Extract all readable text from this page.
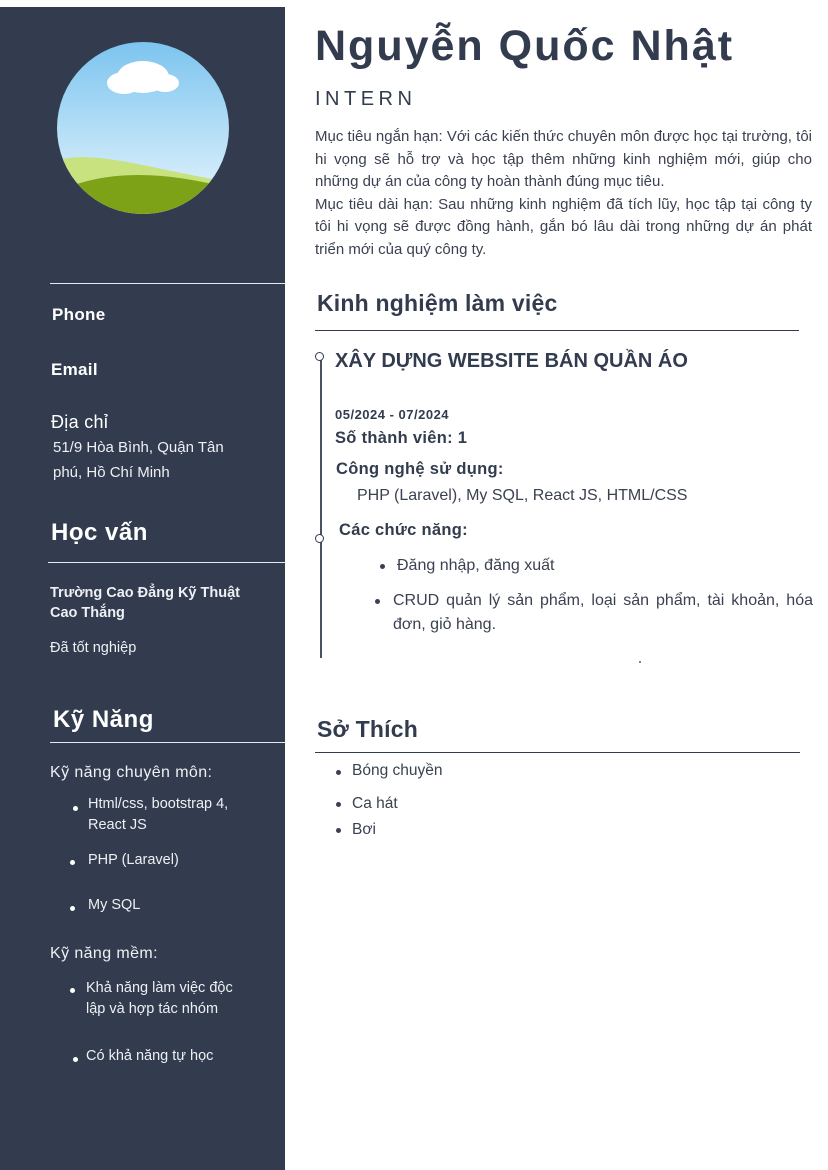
Phone
Email
Địa chỉ
51/9 Hòa Bình, Quận Tân
phú, Hồ Chí Minh
Học vấn
Trường Cao Đẳng Kỹ Thuật
Cao Thắng
Đã tốt nghiệp
Kỹ Năng
Kỹ năng chuyên môn:
Html/css, bootstrap 4,
React JS
PHP (Laravel)
My SQL
Kỹ năng mềm:
Khả năng làm việc độc
lập và hợp tác nhóm
Có khả năng tự học
Nguyễn Quốc Nhật
INTERN

Mục tiêu ngắn hạn: Với các kiến thức chuyên môn được học tại trường, tôi hi vọng sẽ hỗ trợ và học tập thêm những kinh nghiệm mới, giúp cho những dự án của công ty hoàn thành đúng mục tiêu.

Mục tiêu dài hạn: Sau những kinh nghiệm đã tích lũy, học tập tại công ty tôi hi vọng sẽ được đồng hành, gắn bó lâu dài trong những dự án phát triển mới của quý công ty.

Kinh nghiệm làm việc
XÂY DỰNG WEBSITE BÁN QUẦN ÁO
05/2024 - 07/2024
Số thành viên: 1
Công nghệ sử dụng:
PHP (Laravel), My SQL, React JS, HTML/CSS
Các chức năng:
Đăng nhập, đăng xuất
CRUD quản lý sản phẩm, loại sản phẩm, tài khoản, hóa
đơn, giỏ hàng.
Sở Thích
Bóng chuyền
Ca hát
Bơi
